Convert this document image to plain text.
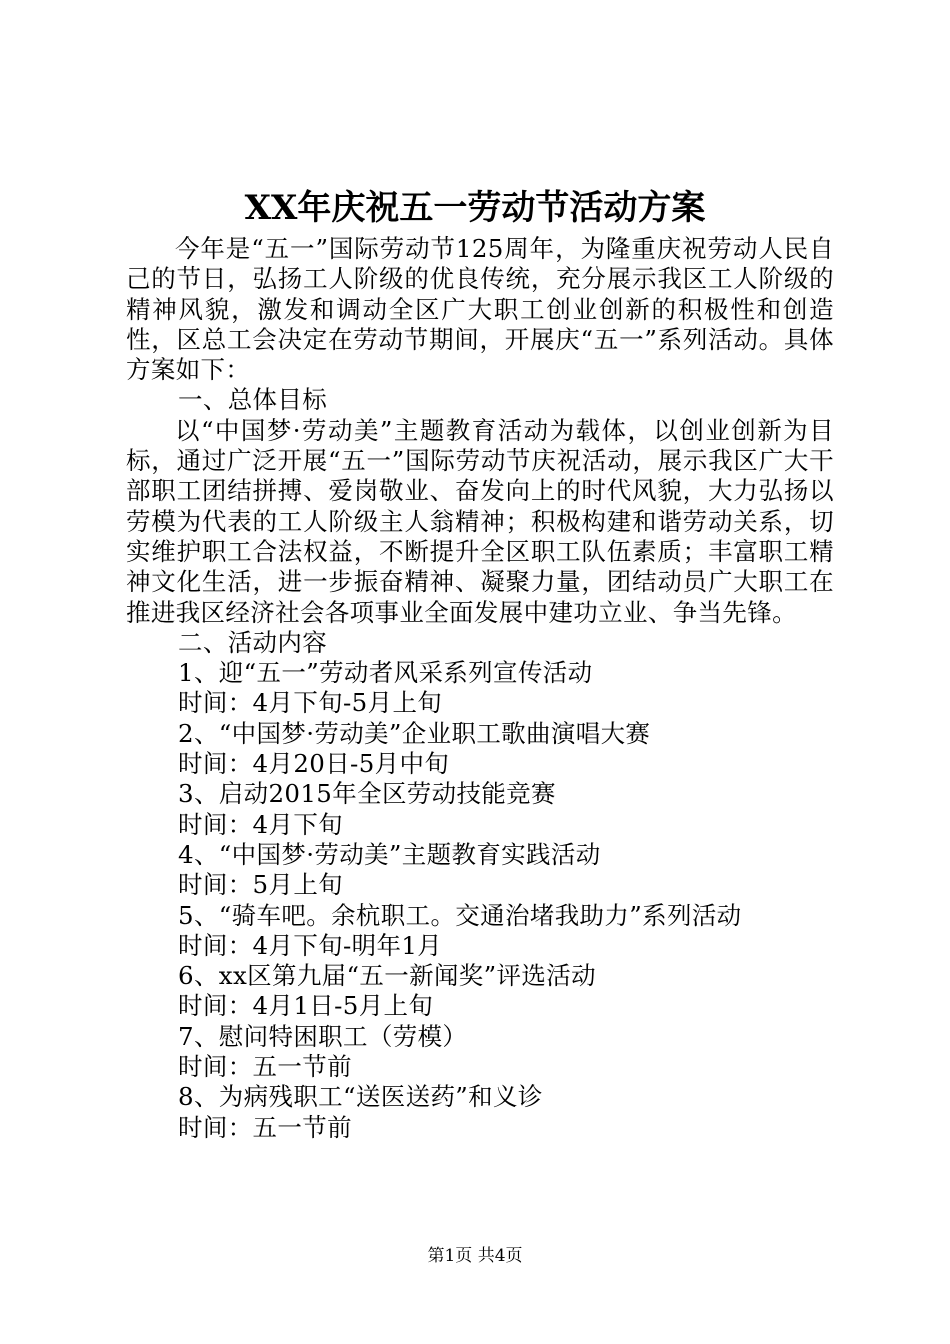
XX年庆祝五一劳动节活动方案

今年是“五一”国际劳动节125周年，为隆重庆祝劳动人民自己的节日，弘扬工人阶级的优良传统，充分展示我区工人阶级的精神风貌，激发和调动全区广大职工创业创新的积极性和创造性，区总工会决定在劳动节期间，开展庆“五一”系列活动。具体方案如下：

一、总体目标

以“中国梦·劳动美”主题教育活动为载体，以创业创新为目标，通过广泛开展“五一”国际劳动节庆祝活动，展示我区广大干部职工团结拼搏、爱岗敬业、奋发向上的时代风貌，大力弘扬以劳模为代表的工人阶级主人翁精神；积极构建和谐劳动关系，切实维护职工合法权益，不断提升全区职工队伍素质；丰富职工精神文化生活，进一步振奋精神、凝聚力量，团结动员广大职工在推进我区经济社会各项事业全面发展中建功立业、争当先锋。

二、活动内容

1、迎“五一”劳动者风采系列宣传活动

时间：4月下旬-5月上旬

2、“中国梦·劳动美”企业职工歌曲演唱大赛

时间：4月20日-5月中旬

3、启动2015年全区劳动技能竞赛

时间：4月下旬

4、“中国梦·劳动美”主题教育实践活动

时间：5月上旬

5、“骑车吧。余杭职工。交通治堵我助力”系列活动

时间：4月下旬-明年1月

6、xx区第九届“五一新闻奖”评选活动

时间：4月1日-5月上旬

7、慰问特困职工（劳模）

时间：五一节前

8、为病残职工“送医送药”和义诊

时间：五一节前

第1页 共4页
